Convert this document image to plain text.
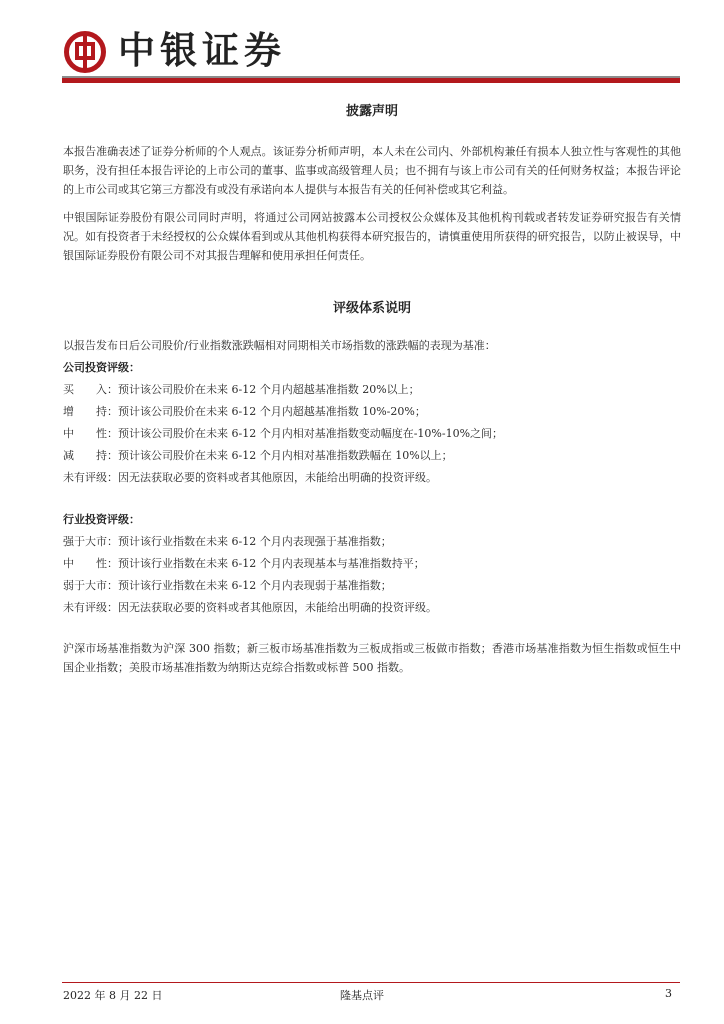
中银证券
披露声明

本报告准确表述了证券分析师的个人观点。该证券分析师声明，本人未在公司内、外部机构兼任有损本人独立性与客观性的其他职务，没有担任本报告评论的上市公司的董事、监事或高级管理人员；也不拥有与该上市公司有关的任何财务权益；本报告评论的上市公司或其它第三方都没有或没有承诺向本人提供与本报告有关的任何补偿或其它利益。

中银国际证券股份有限公司同时声明，将通过公司网站披露本公司授权公众媒体及其他机构刊载或者转发证券研究报告有关情况。如有投资者于未经授权的公众媒体看到或从其他机构获得本研究报告的，请慎重使用所获得的研究报告，以防止被误导，中银国际证券股份有限公司不对其报告理解和使用承担任何责任。

评级体系说明

以报告发布日后公司股价/行业指数涨跌幅相对同期相关市场指数的涨跌幅的表现为基准：

公司投资评级：
买　　入：预计该公司股价在未来 6-12 个月内超越基准指数 20%以上；
增　　持：预计该公司股价在未来 6-12 个月内超越基准指数 10%-20%；
中　　性：预计该公司股价在未来 6-12 个月内相对基准指数变动幅度在-10%-10%之间；
减　　持：预计该公司股价在未来 6-12 个月内相对基准指数跌幅在 10%以上；
未有评级：因无法获取必要的资料或者其他原因，未能给出明确的投资评级。
行业投资评级：
强于大市：预计该行业指数在未来 6-12 个月内表现强于基准指数；
中　　性：预计该行业指数在未来 6-12 个月内表现基本与基准指数持平；
弱于大市：预计该行业指数在未来 6-12 个月内表现弱于基准指数；
未有评级：因无法获取必要的资料或者其他原因，未能给出明确的投资评级。

沪深市场基准指数为沪深 300 指数；新三板市场基准指数为三板成指或三板做市指数；香港市场基准指数为恒生指数或恒生中国企业指数；美股市场基准指数为纳斯达克综合指数或标普 500 指数。

2022 年 8 月 22 日	隆基点评	3
